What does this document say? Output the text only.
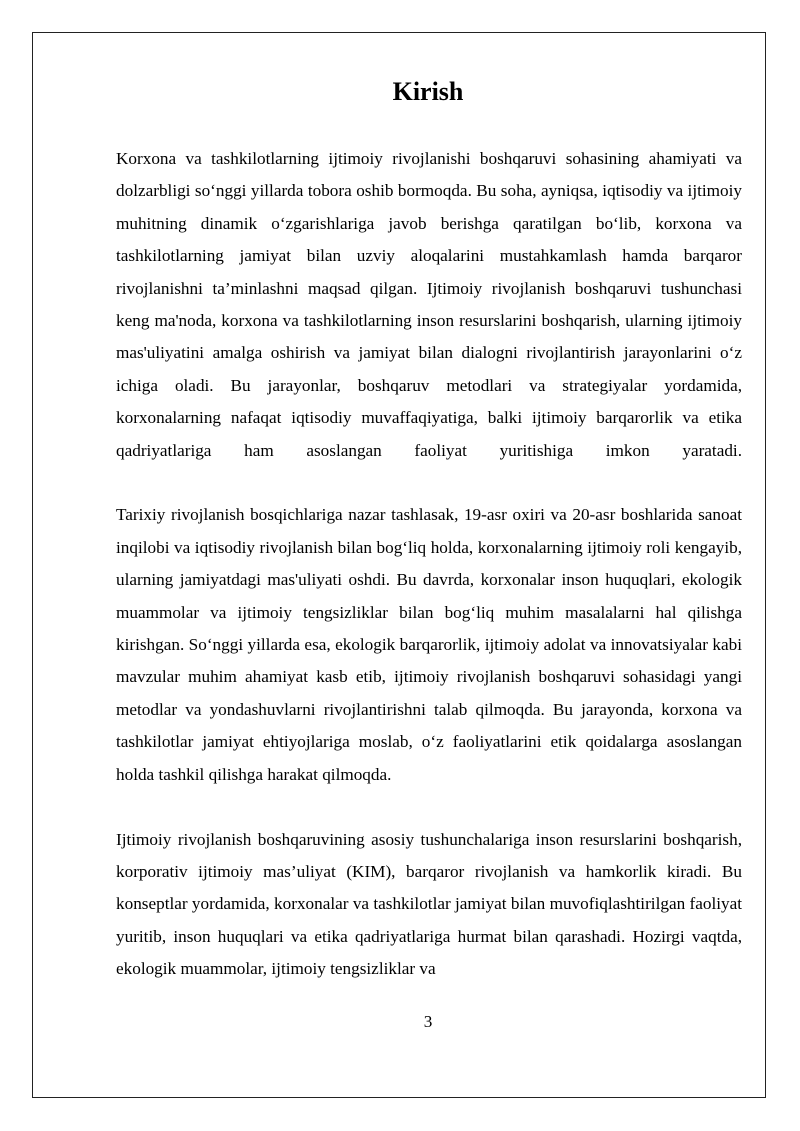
Kirish

Korxona va tashkilotlarning ijtimoiy rivojlanishi boshqaruvi sohasining ahamiyati va dolzarbligi so‘nggi yillarda tobora oshib bormoqda. Bu soha, ayniqsa, iqtisodiy va ijtimoiy muhitning dinamik o‘zgarishlariga javob berishga qaratilgan bo‘lib, korxona va tashkilotlarning jamiyat bilan uzviy aloqalarini mustahkamlash hamda barqaror rivojlanishni ta’minlashni maqsad qilgan. Ijtimoiy rivojlanish boshqaruvi tushunchasi keng ma'noda, korxona va tashkilotlarning inson resurslarini boshqarish, ularning ijtimoiy mas'uliyatini amalga oshirish va jamiyat bilan dialogni rivojlantirish jarayonlarini o‘z ichiga oladi. Bu jarayonlar, boshqaruv metodlari va strategiyalar yordamida, korxonalarning nafaqat iqtisodiy muvaffaqiyatiga, balki ijtimoiy barqarorlik va etika qadriyatlariga ham asoslangan faoliyat yuritishiga imkon yaratadi.

Tarixiy rivojlanish bosqichlariga nazar tashlasak, 19-asr oxiri va 20-asr boshlarida sanoat inqilobi va iqtisodiy rivojlanish bilan bog‘liq holda, korxonalarning ijtimoiy roli kengayib, ularning jamiyatdagi mas'uliyati oshdi. Bu davrda, korxonalar inson huquqlari, ekologik muammolar va ijtimoiy tengsizliklar bilan bog‘liq muhim masalalarni hal qilishga kirishgan. So‘nggi yillarda esa, ekologik barqarorlik, ijtimoiy adolat va innovatsiyalar kabi mavzular muhim ahamiyat kasb etib, ijtimoiy rivojlanish boshqaruvi sohasidagi yangi metodlar va yondashuvlarni rivojlantirishni talab qilmoqda. Bu jarayonda, korxona va tashkilotlar jamiyat ehtiyojlariga moslab, o‘z faoliyatlarini etik qoidalarga asoslangan holda tashkil qilishga harakat qilmoqda.

Ijtimoiy rivojlanish boshqaruvining asosiy tushunchalariga inson resurslarini boshqarish, korporativ ijtimoiy mas’uliyat (KIM), barqaror rivojlanish va hamkorlik kiradi. Bu konseptlar yordamida, korxonalar va tashkilotlar jamiyat bilan muvofiqlashtirilgan faoliyat yuritib, inson huquqlari va etika qadriyatlariga hurmat bilan qarashadi. Hozirgi vaqtda, ekologik muammolar, ijtimoiy tengsizliklar va

3
